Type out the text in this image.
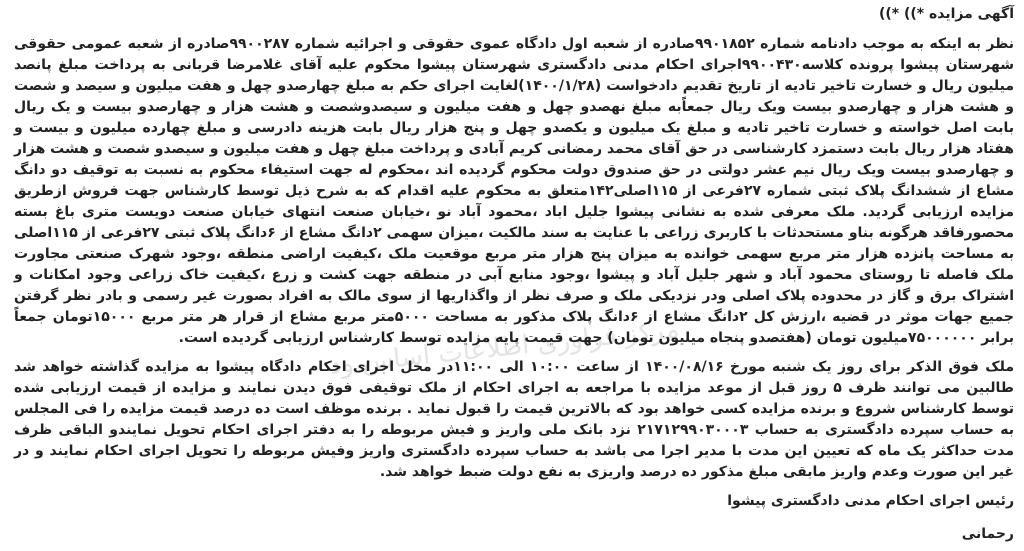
آگهی مزایده *)) *))

نظر به اینکه به موجب دادنامه شماره ۹۹۰۱۸۵۲صادره از شعبه اول دادگاه عموی حقوقی و اجرائیه شماره ۹۹۰۰۲۸۷صادره از شعبه عمومی حقوقی شهرستان پیشوا پرونده کلاسه۹۹۰۰۴۳۰اجرای احکام مدنی دادگستری شهرستان پیشوا محکوم علیه آقای غلامرضا قربانی به پرداخت مبلغ پانصد میلیون ریال و خسارت تاخیر تادیه از تاریخ تقدیم دادخواست (۱۴۰۰/۱/۲۸)لغایت اجرای حکم به مبلغ چهارصدو چهل و هفت میلیون و سیصد و شصت و هشت هزار و چهارصدو بیست ویک ریال جمعاًبه مبلغ نهصدو چهل و هفت میلیون و سیصدوشصت و هشت هزار و چهارصدو بیست و یک ریال بابت اصل خواسته و خسارت تاخیر تادیه و مبلغ یک میلیون و یکصدو چهل و پنج هزار ریال بابت هزینه دادرسی و مبلغ چهارده میلیون و بیست و هفتاد هزار ریال بابت دستمزد کارشناسی در حق آقای محمد رمضانی کریم آبادی و پرداخت مبلغ چهل و هفت میلیون و سیصدو شصت و هشت هزار و چهارصدو بیست ویک ریال نیم عشر دولتی در حق صندوق دولت محکوم گردیده اند ،محکوم له جهت استیفاء محکوم به نسبت به توقیف دو دانگ مشاع از ششدانگ پلاک ثبتی شماره ۲۷فرعی از ۱۱۵اصلی۱۴۲متعلق به محکوم علیه اقدام که به شرح ذیل توسط کارشناس جهت فروش ازطریق مزایده ارزیابی گردید. ملک معرفی شده به نشانی پیشوا جلیل اباد ،محمود آباد نو ،خیابان صنعت انتهای خیابان صنعت دویست متری باغ بسته محصورفاقد هرگونه بناو مستحدثات با کاربری زراعی با عنایت به سند مالکیت ،میزان سهمی ۲دانگ مشاع از ۶دانگ پلاک ثبتی ۲۷فرعی از ۱۱۵اصلی به مساحت پانزده هزار متر مربع سهمی خوانده به میزان پنج هزار متر مربع موقعیت ملک ،کیفیت اراضی منطقه ،وجود شهرک صنعتی مجاورت ملک فاصله تا روستای محمود آباد و شهر جلیل آباد و پیشوا ،وجود منابع آبی در منطقه جهت کشت و زرع ،کیفیت خاک زراعی وجود امکانات و اشتراک برق و گاز در محدوده پلاک اصلی ودر نزدیکی ملک و صرف نظر از واگذاریها از سوی مالک به افراد بصورت غیر رسمی و بادر نظر گرفتن جمیع جهات موثر در قضیه ،ارزش کل ۲دانگ مشاع از ۶دانگ پلاک مذکور به مساحت ۵۰۰۰متر مربع مشاع از قرار هر متر مربع ۱۵۰۰۰تومان جمعاً برابر ۷۵۰۰۰۰۰۰میلیون تومان (هفتصدو پنجاه میلیون تومان) جهت قیمت پایه مزایده توسط کارشناس ارزیابی گردیده است.

ملک فوق الذکر برای روز یک شنبه مورخ ۱۴۰۰/۰۸/۱۶ از ساعت ۱۰:۰۰ الی ۱۱:۰۰در محل اجرای احکام دادگاه پیشوا به مزایده گذاشته خواهد شد طالبین می توانند ظرف ۵ روز قبل از موعد مزایده با مراجعه به اجرای احکام از ملک توقیفی فوق دیدن نمایند و مزایده از قیمت ارزیابی شده توسط کارشناس شروع و برنده مزایده کسی خواهد بود که بالاترین قیمت را قبول نماید . برنده موظف است ده درصد قیمت مزایده را فی المجلس به حساب سپرده دادگستری به حساب ۲۱۷۱۲۹۹۰۳۰۰۰۳ نزد بانک ملی واریز و فیش مربوطه را به دفتر اجرای احکام تحویل نمایندو الباقی ظرف مدت حداکثر یک ماه که تعیین این مدت با مدیر اجرا می باشد به حساب سپرده دادگستری واریز وفیش مربوطه را تحویل اجرای احکام نمایند و در غیر این صورت وعدم واریز مابقی مبلغ مذکور ده درصد واریزی به نفع دولت ضبط خواهد شد.

رئیس اجرای احکام مدنی دادگستری پیشوا

رحمانی

مرکز فراوری اطلاعات اساس وداده
